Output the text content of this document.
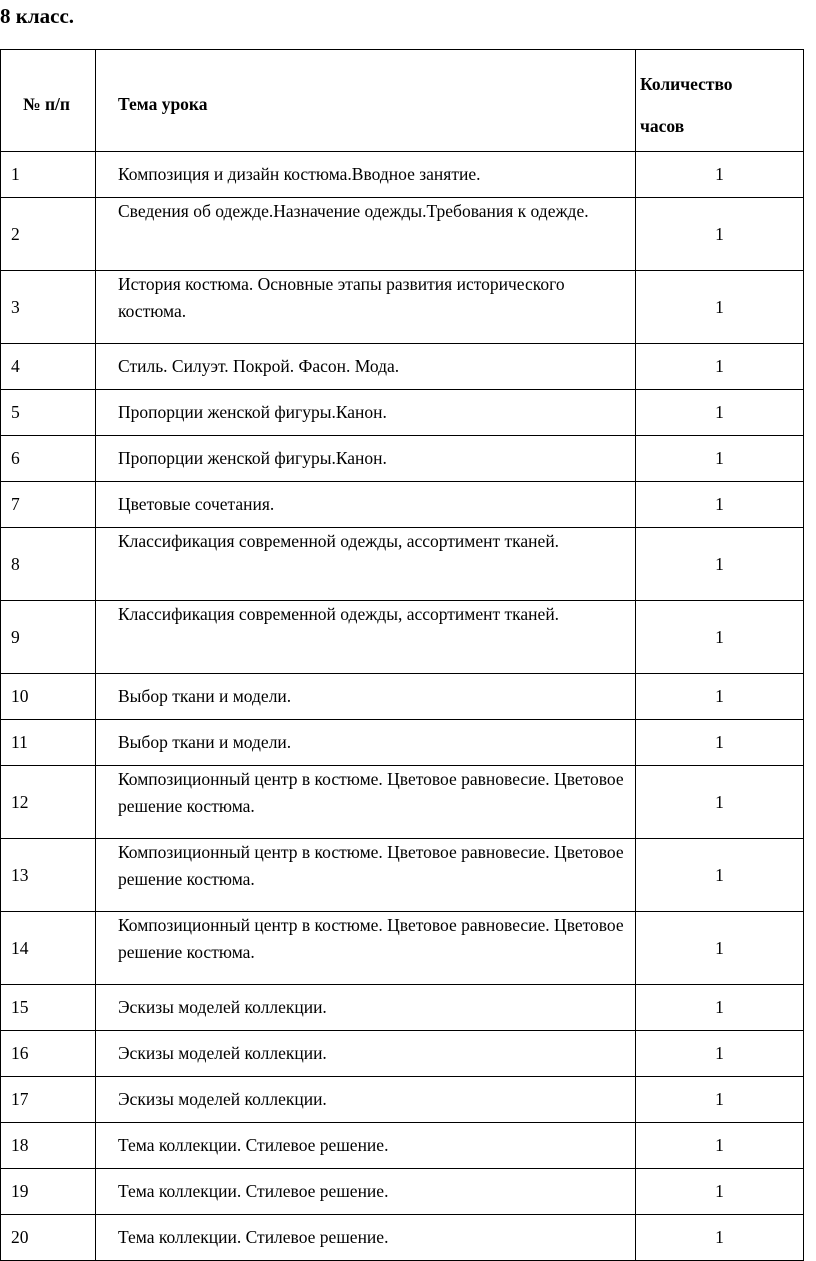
8 класс.
№ п/п	Тема урока	Количество
часов

1	Композиция и дизайн костюма.Вводное занятие.	1
2	Сведения об одежде.Назначение одежды.Требования к одежде.	1
3	История костюма. Основные этапы развития исторического костюма.	1
4	Стиль. Силуэт. Покрой. Фасон. Мода.	1
5	Пропорции женской фигуры.Канон.	1
6	Пропорции женской фигуры.Канон.	1
7	Цветовые сочетания.	1
8	Классификация современной одежды, ассортимент тканей.	1
9	Классификация современной одежды, ассортимент тканей.	1
10	Выбор ткани и модели.	1
11	Выбор ткани и модели.	1
12	Композиционный центр в костюме. Цветовое равновесие. Цветовое решение костюма.	1
13	Композиционный центр в костюме. Цветовое равновесие. Цветовое решение костюма.	1
14	Композиционный центр в костюме. Цветовое равновесие. Цветовое решение костюма.	1
15	Эскизы моделей коллекции.	1
16	Эскизы моделей коллекции.	1
17	Эскизы моделей коллекции.	1
18	Тема коллекции. Стилевое решение.	1
19	Тема коллекции. Стилевое решение.	1
20	Тема коллекции. Стилевое решение.	1
